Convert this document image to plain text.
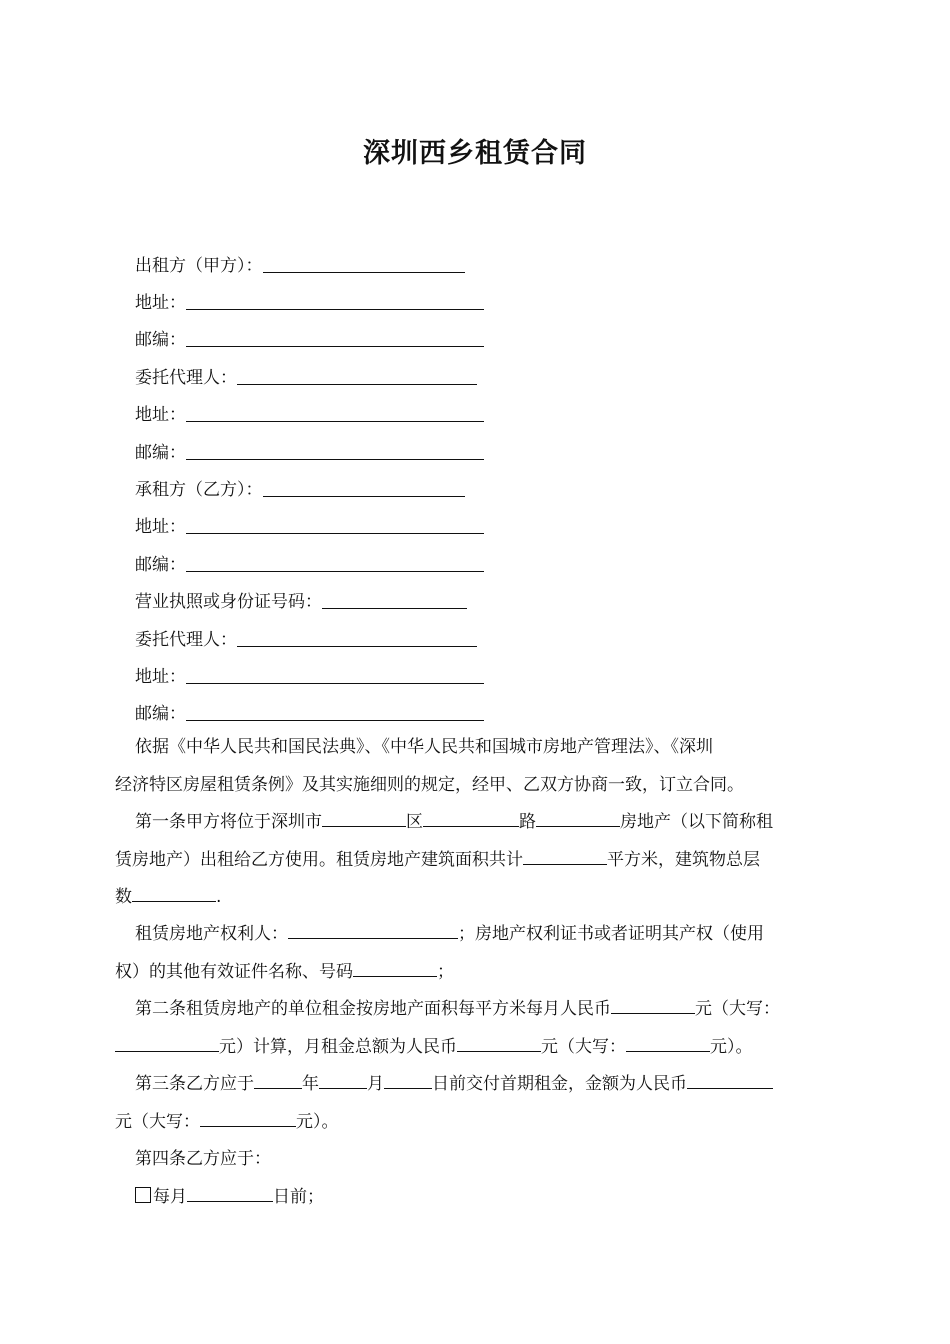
深圳西乡租赁合同
出租方（甲方）：
地址：
邮编：
委托代理人：
地址：
邮编：
承租方（乙方）：
地址：
邮编：
营业执照或身份证号码：
委托代理人：
地址：
邮编：
依据《中华人民共和国民法典》、《中华人民共和国城市房地产管理法》、《深圳
经济特区房屋租赁条例》及其实施细则的规定，经甲、乙双方协商一致，订立合同。
第一条甲方将位于深圳市	区	路	房地产（以下简称租
赁房地产）出租给乙方使用。租赁房地产建筑面积共计	平方米，建筑物总层
数	.
租赁房地产权利人：	；房地产权利证书或者证明其产权（使用
权）的其他有效证件名称、号码	；
第二条租赁房地产的单位租金按房地产面积每平方米每月人民币	元（大写：
元）计算，月租金总额为人民币	元（大写：	元）。
第三条乙方应于	年	月	日前交付首期租金，金额为人民币
元（大写：	元）。
第四条乙方应于：
每月	日前；
